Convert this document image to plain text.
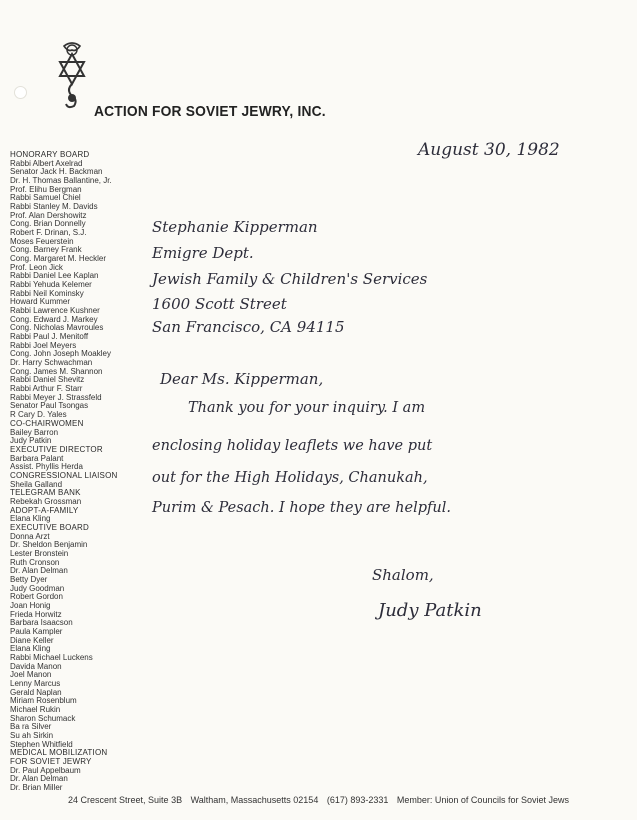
ACTION FOR SOVIET JEWRY, INC.
HONORARY BOARD
Rabbi Albert Axelrad
Senator Jack H. Backman
Dr. H. Thomas Ballantine, Jr.
Prof. Elihu Bergman
Rabbi Samuel Chiel
Rabbi Stanley M. Davids
Prof. Alan Dershowitz
Cong. Brian Donnelly
Robert F. Drinan, S.J.
Moses Feuerstein
Cong. Barney Frank
Cong. Margaret M. Heckler
Prof. Leon Jick
Rabbi Daniel Lee Kaplan
Rabbi Yehuda Kelemer
Rabbi Neil Kominsky
Howard Kummer
Rabbi Lawrence Kushner
Cong. Edward J. Markey
Cong. Nicholas Mavroules
Rabbi Paul J. Menitoff
Rabbi Joel Meyers
Cong. John Joseph Moakley
Dr. Harry Schwachman
Cong. James M. Shannon
Rabbi Daniel Shevitz
Rabbi Arthur F. Starr
Rabbi Meyer J. Strassfeld
Senator Paul Tsongas
R Cary D. Yales
CO-CHAIRWOMEN
Bailey Barron
Judy Patkin
EXECUTIVE DIRECTOR
Barbara Palant
Assist. Phyllis Herda
CONGRESSIONAL LIAISON
Sheila Galland
TELEGRAM BANK
Rebekah Grossman
ADOPT-A-FAMILY
Elana Kling
EXECUTIVE BOARD
Donna Arzt
Dr. Sheldon Benjamin
Lester Bronstein
Ruth Cronson
Dr. Alan Delman
Betty Dyer
Judy Goodman
Robert Gordon
Joan Honig
Frieda Horwitz
Barbara Isaacson
Paula Kampler
Diane Keller
Elana Kling
Rabbi Michael Luckens
Davida Manon
Joel Manon
Lenny Marcus
Gerald Naplan
Miriam Rosenblum
Michael Rukin
Sharon Schumack
Ba ra Silver
Su ah Sirkin
Stephen Whitfield
MEDICAL MOBILIZATION
FOR SOVIET JEWRY
Dr. Paul Appelbaum
Dr. Alan Delman
Dr. Brian Miller
August 30, 1982
Stephanie Kipperman
Emigre Dept.
Jewish Family & Children's Services
1600 Scott Street
San Francisco, CA 94115
Dear Ms. Kipperman,
Thank you for your inquiry. I am
enclosing holiday leaflets we have put
out for the High Holidays, Chanukah,
Purim & Pesach. I hope they are helpful.
Shalom,
Judy Patkin
24 Crescent Street, Suite 3B Waltham, Massachusetts 02154 (617) 893-2331 Member: Union of Councils for Soviet Jews
